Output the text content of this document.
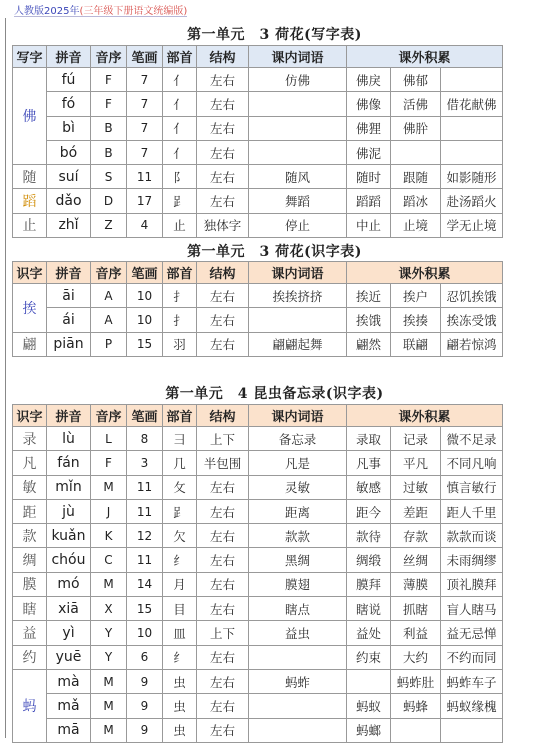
人教版2025年(三年级下册语文统编版)
第一单元　3 荷花(写字表)
写字	拼音	音序	笔画	部首	结构	课内词语	课外积累		
佛	fú	F	7	亻	左右	仿佛	佛戾	佛郁	
	fó	F	7	亻	左右		佛像	活佛	借花献佛
	bì	B	7	亻	左右		佛狸	佛肸	
	bó	B	7	亻	左右		佛泥		
随	suí	S	11	阝	左右	随风	随时	跟随	如影随形
蹈	dǎo	D	17	𧾷	左右	舞蹈	蹈蹈	蹈冰	赴汤蹈火
止	zhǐ	Z	4	止	独体字	停止	中止	止境	学无止境
第一单元　3 荷花(识字表)
识字	拼音	音序	笔画	部首	结构	课内词语	课外积累		
挨	āi	A	10	扌	左右	挨挨挤挤	挨近	挨户	忍饥挨饿
	ái	A	10	扌	左右		挨饿	挨揍	挨冻受饿
翩	piān	P	15	羽	左右	翩翩起舞	翩然	联翩	翩若惊鸿
第一单元　4 昆虫备忘录(识字表)
识字	拼音	音序	笔画	部首	结构	课内词语	课外积累		
录	lù	L	8	彐	上下	备忘录	录取	记录	微不足录
凡	fán	F	3	几	半包围	凡是	凡事	平凡	不同凡响
敏	mǐn	M	11	攵	左右	灵敏	敏感	过敏	慎言敏行
距	jù	J	11	𧾷	左右	距离	距今	差距	距人千里
款	kuǎn	K	12	欠	左右	款款	款待	存款	款款而谈
绸	chóu	C	11	纟	左右	黑绸	绸缎	丝绸	未雨绸缪
膜	mó	M	14	月	左右	膜翅	膜拜	薄膜	顶礼膜拜
瞎	xiā	X	15	目	左右	瞎点	瞎说	抓瞎	盲人瞎马
益	yì	Y	10	皿	上下	益虫	益处	利益	益无忌惮
约	yuē	Y	6	纟	左右		约束	大约	不约而同
蚂	mà	M	9	虫	左右	蚂蚱		蚂蚱肚	蚂蚱车子
	mǎ	M	9	虫	左右		蚂蚁	蚂蜂	蚂蚁缘槐
	mā	M	9	虫	左右		蚂螂		
